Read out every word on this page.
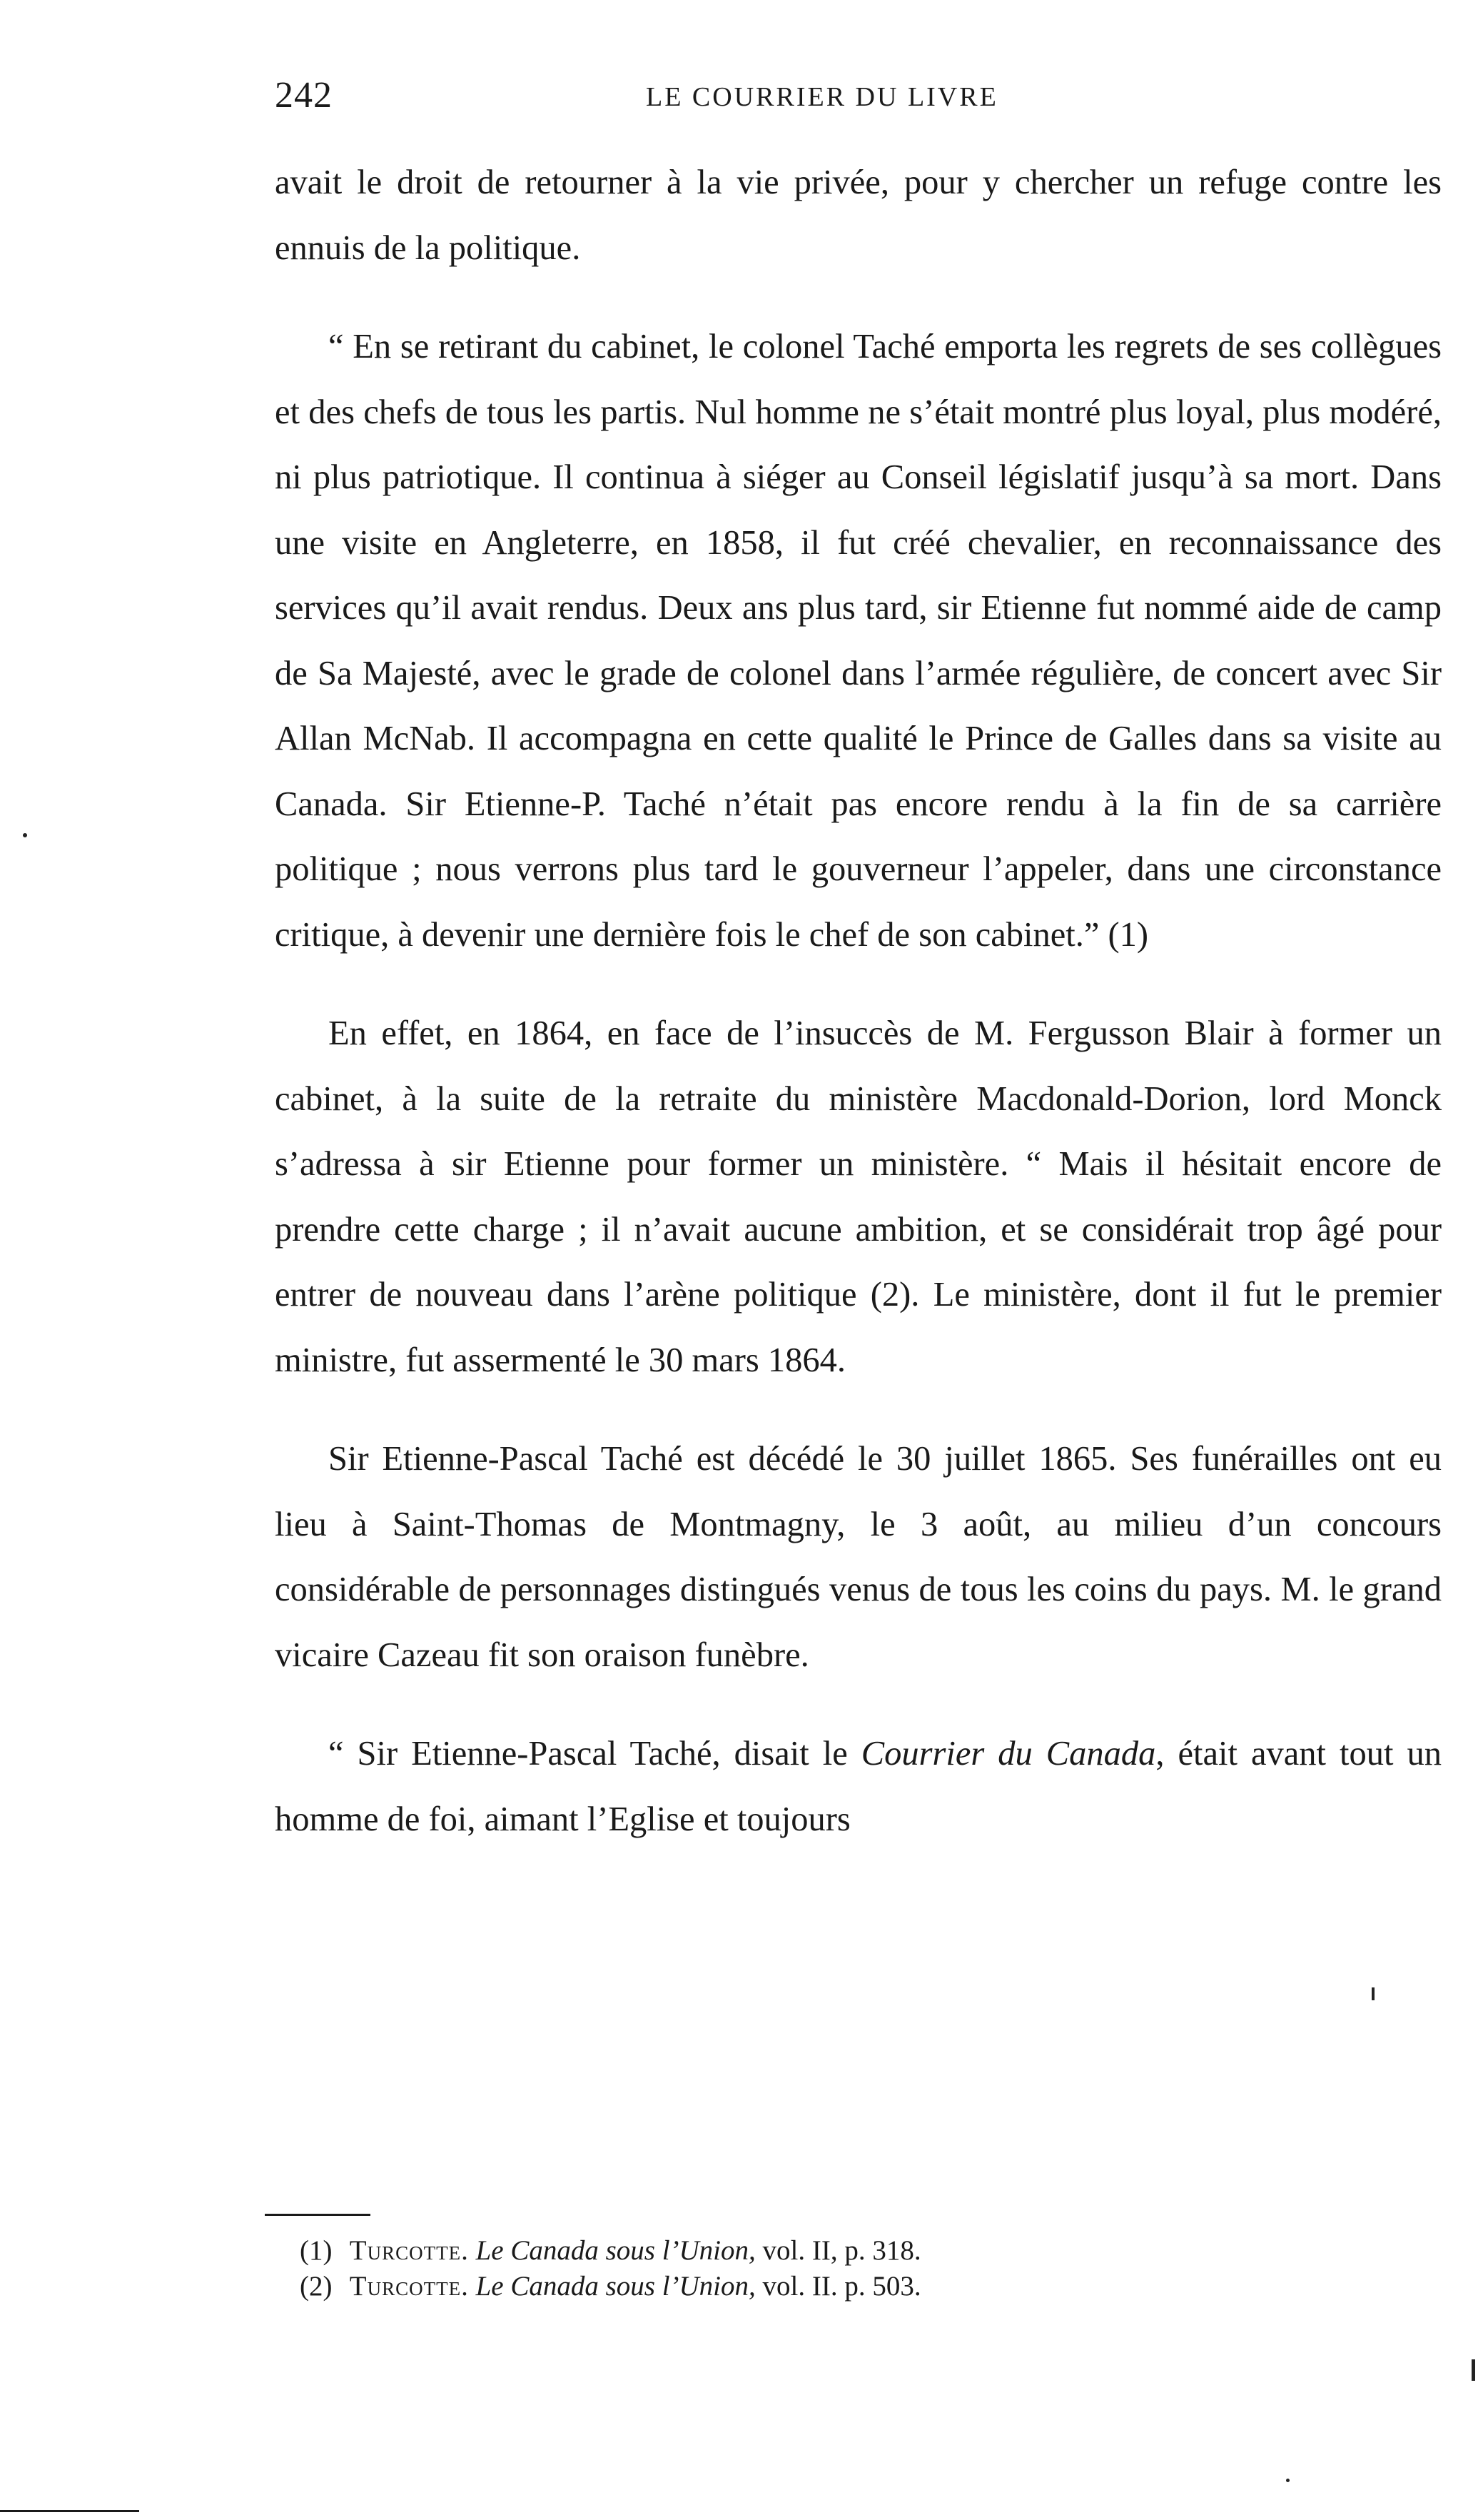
242	LE COURRIER DU LIVRE

avait le droit de retourner à la vie privée, pour y chercher un refuge contre les ennuis de la politique.

“ En se retirant du cabinet, le colonel Taché emporta les regrets de ses collègues et des chefs de tous les partis. Nul homme ne s’était montré plus loyal, plus modéré, ni plus patriotique. Il continua à siéger au Conseil législatif jusqu’à sa mort. Dans une visite en Angleterre, en 1858, il fut créé chevalier, en reconnaissance des services qu’il avait rendus. Deux ans plus tard, sir Etienne fut nommé aide de camp de Sa Majesté, avec le grade de colonel dans l’armée régulière, de concert avec Sir Allan McNab. Il accompagna en cette qualité le Prince de Galles dans sa visite au Canada. Sir Etienne-P. Taché n’était pas encore rendu à la fin de sa carrière politique ; nous verrons plus tard le gouverneur l’appeler, dans une circonstance critique, à devenir une dernière fois le chef de son cabinet.” (1)

En effet, en 1864, en face de l’insuccès de M. Fergusson Blair à former un cabinet, à la suite de la retraite du ministère Macdonald-Dorion, lord Monck s’adressa à sir Etienne pour former un ministère. “ Mais il hésitait encore de prendre cette charge ; il n’avait aucune ambition, et se considérait trop âgé pour entrer de nouveau dans l’arène politique (2). Le ministère, dont il fut le premier ministre, fut assermenté le 30 mars 1864.

Sir Etienne-Pascal Taché est décédé le 30 juillet 1865. Ses funérailles ont eu lieu à Saint-Thomas de Montmagny, le 3 août, au milieu d’un concours considérable de personnages distingués venus de tous les coins du pays. M. le grand vicaire Cazeau fit son oraison funèbre.

“ Sir Etienne-Pascal Taché, disait le Courrier du Canada, était avant tout un homme de foi, aimant l’Eglise et toujours

(1) Turcotte. Le Canada sous l’Union, vol. II, p. 318.

(2) Turcotte. Le Canada sous l’Union, vol. II. p. 503.
